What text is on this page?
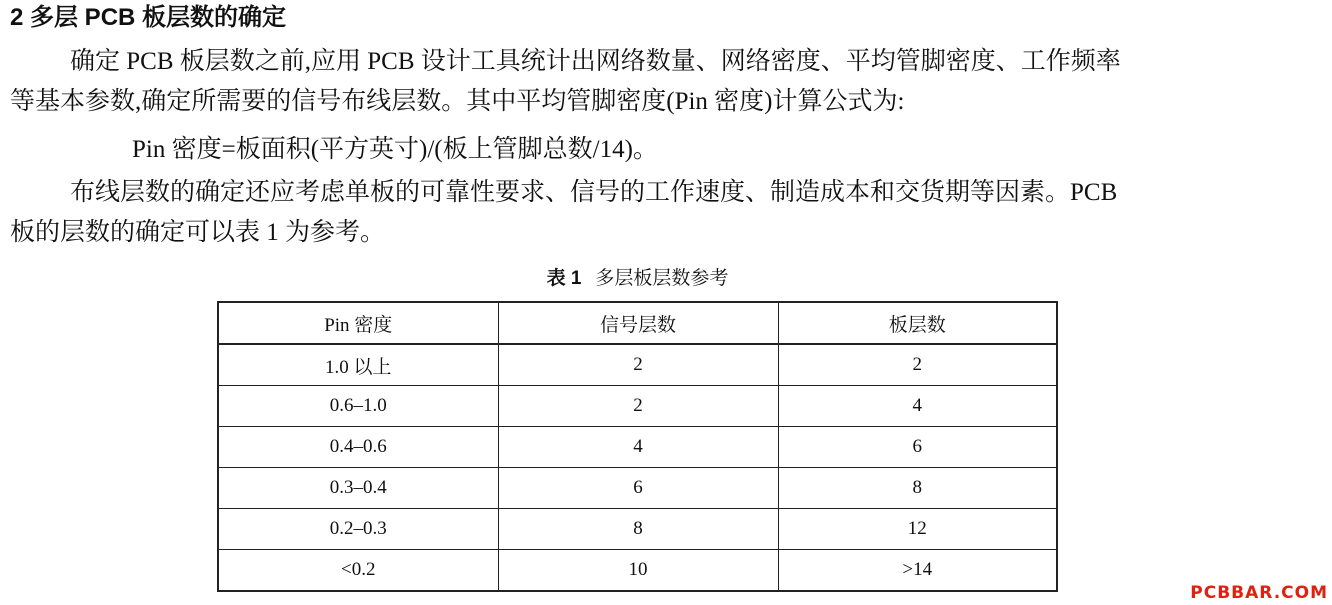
2 多层 PCB 板层数的确定
确定 PCB 板层数之前,应用 PCB 设计工具统计出网络数量、网络密度、平均管脚密度、工作频率
等基本参数,确定所需要的信号布线层数。其中平均管脚密度(Pin 密度)计算公式为:
Pin 密度=板面积(平方英寸)/(板上管脚总数/14)。
布线层数的确定还应考虑单板的可靠性要求、信号的工作速度、制造成本和交货期等因素。PCB
板的层数的确定可以表 1 为参考。
表 1 多层板层数参考
Pin 密度	信号层数	板层数
1.0 以上	2	2
0.6–1.0	2	4
0.4–0.6	4	6
0.3–0.4	6	8
0.2–0.3	8	12
<0.2	10	>14
PCBBAR.COM
